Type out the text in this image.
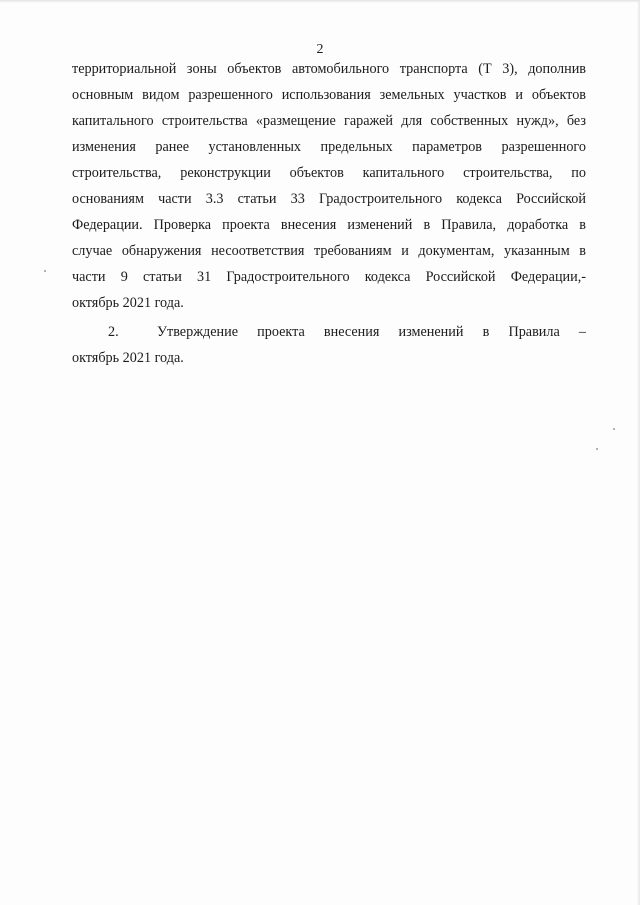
2
территориальной зоны объектов автомобильного транспорта (Т 3), дополнив
основным видом разрешенного использования земельных участков и объектов
капитального строительства «размещение гаражей для собственных нужд», без
изменения ранее установленных предельных параметров разрешенного
строительства, реконструкции объектов капитального строительства, по
основаниям части 3.3 статьи 33 Градостроительного кодекса Российской
Федерации. Проверка проекта внесения изменений в Правила, доработка в
случае обнаружения несоответствия требованиям и документам, указанным в
части 9 статьи 31 Градостроительного кодекса Российской Федерации,-
октябрь 2021 года.
2.  Утверждение проекта внесения изменений в Правила –
октябрь 2021 года.
